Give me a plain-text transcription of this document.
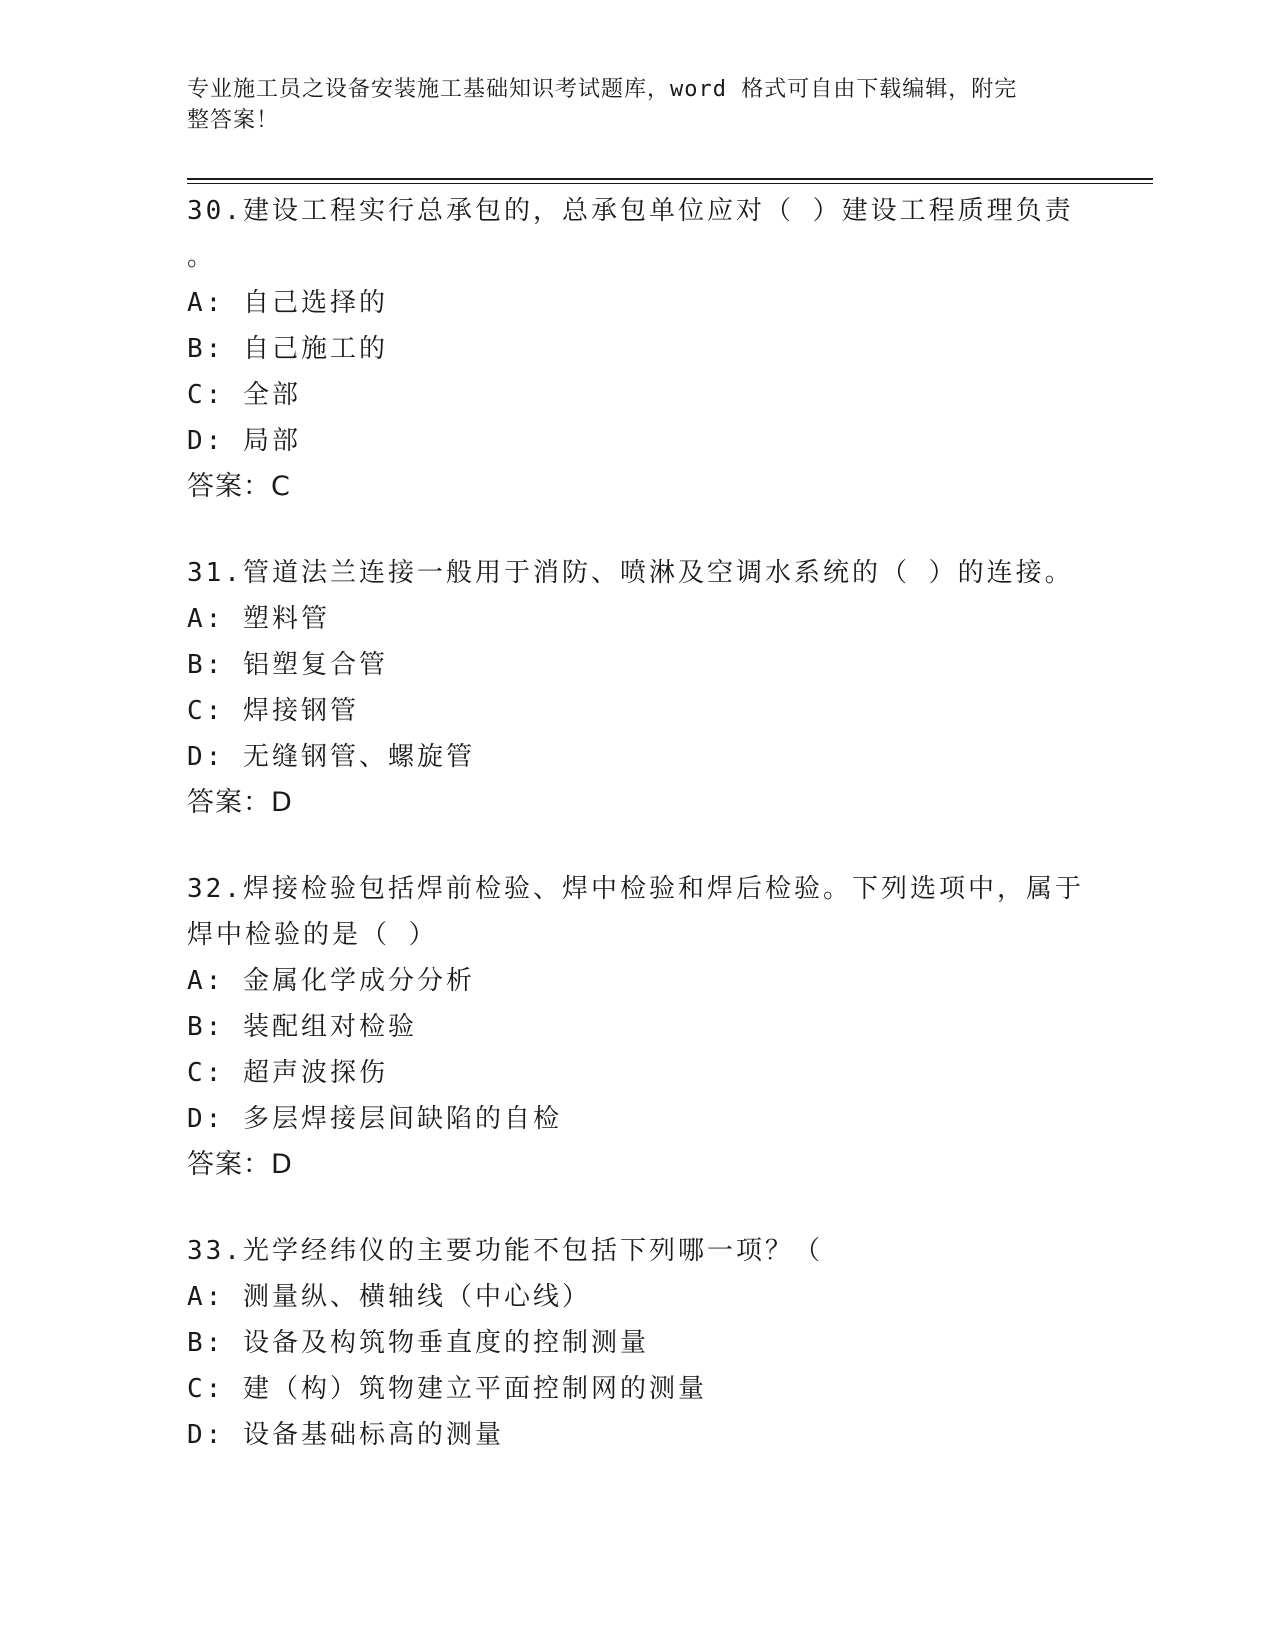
专业施工员之设备安装施工基础知识考试题库，word 格式可自由下载编辑，附完
整答案！
30.建设工程实行总承包的，总承包单位应对（ ）建设工程质理负责
。
A: 自己选择的
B: 自己施工的
C: 全部
D: 局部
答案：C
31.管道法兰连接一般用于消防、喷淋及空调水系统的（ ）的连接。
A: 塑料管
B: 铝塑复合管
C: 焊接钢管
D: 无缝钢管、螺旋管
答案：D
32.焊接检验包括焊前检验、焊中检验和焊后检验。下列选项中，属于
焊中检验的是（ ）
A: 金属化学成分分析
B: 装配组对检验
C: 超声波探伤
D: 多层焊接层间缺陷的自检
答案：D
33.光学经纬仪的主要功能不包括下列哪一项？（
A: 测量纵、横轴线（中心线）
B: 设备及构筑物垂直度的控制测量
C: 建（构）筑物建立平面控制网的测量
D: 设备基础标高的测量
